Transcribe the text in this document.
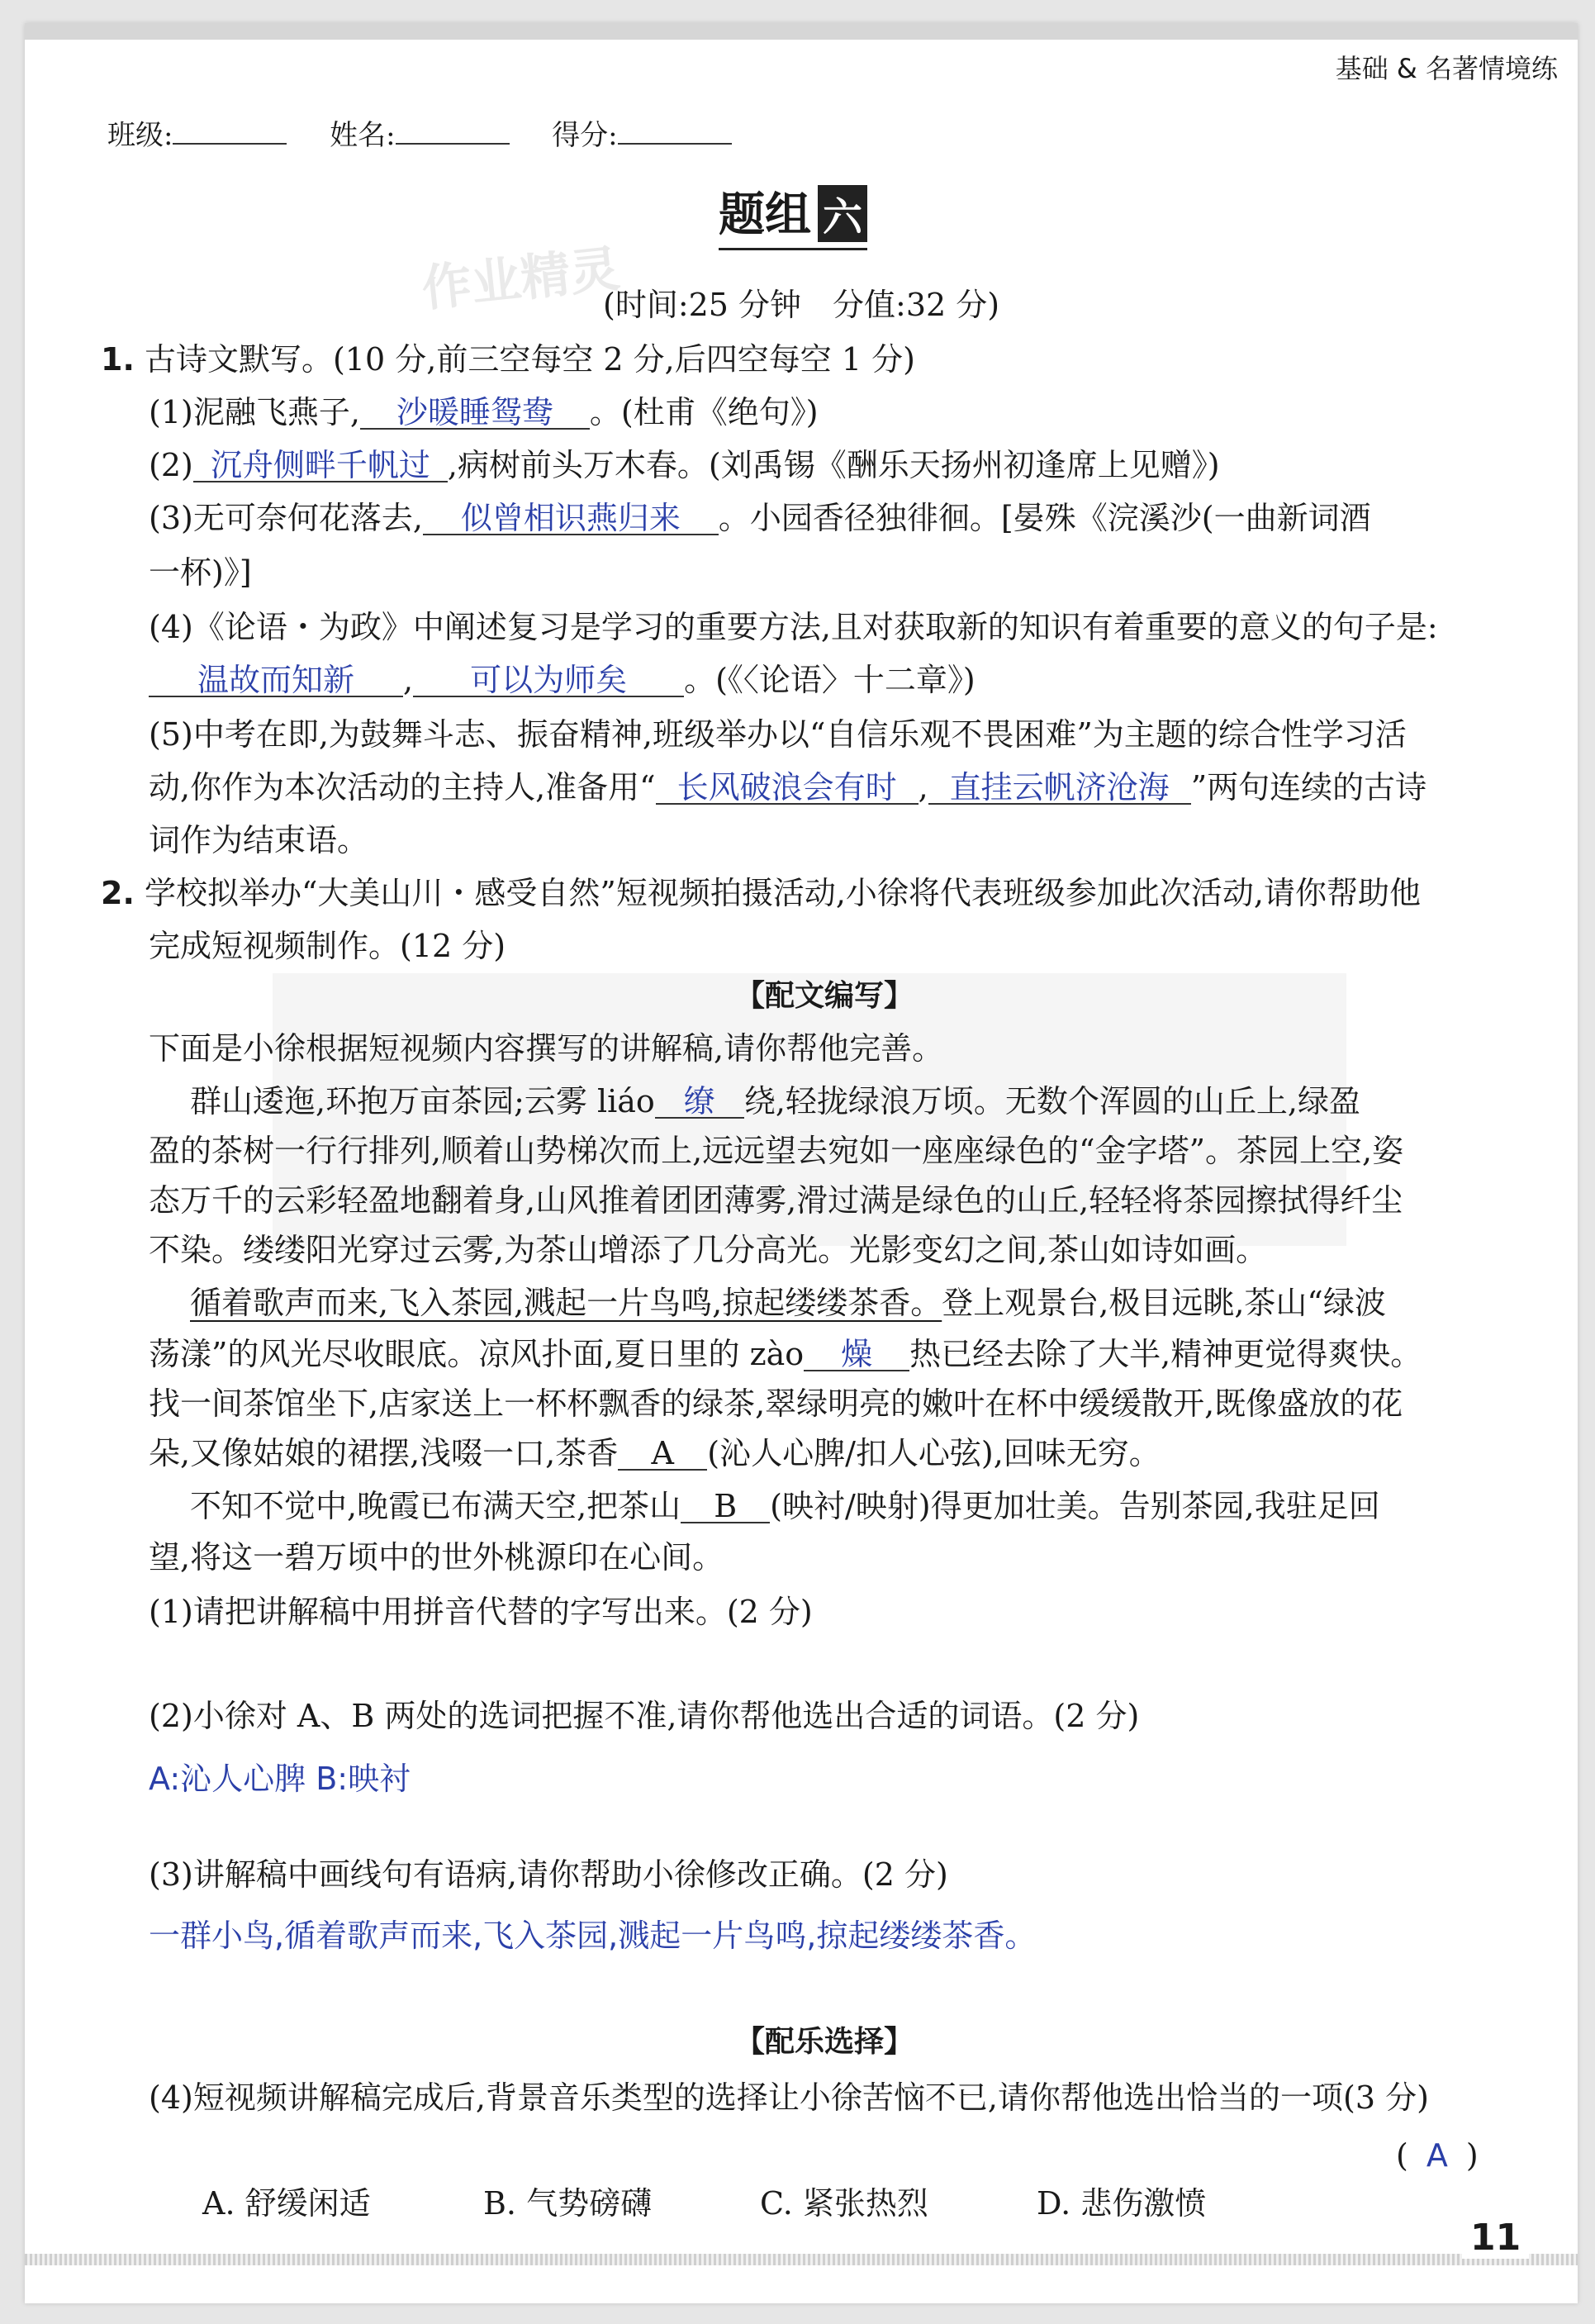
基础 & 名著情境练
班级:	姓名:	得分:
题组 六
作业精灵
(时间:25 分钟　分值:32 分)
1. 古诗文默写。(10 分,前三空每空 2 分,后四空每空 1 分)
(1)泥融飞燕子, 沙暖睡鸳鸯 。(杜甫《绝句》)
(2) 沉舟侧畔千帆过 ,病树前头万木春。(刘禹锡《酬乐天扬州初逢席上见赠》)
(3)无可奈何花落去, 似曾相识燕归来 。小园香径独徘徊。[晏殊《浣溪沙(一曲新词酒
一杯)》]
(4)《论语・为政》中阐述复习是学习的重要方法,且对获取新的知识有着重要的意义的句子是:
温故而知新 , 可以为师矣 。(《〈论语〉十二章》)
(5)中考在即,为鼓舞斗志、振奋精神,班级举办以“自信乐观不畏困难”为主题的综合性学习活
动,你作为本次活动的主持人,准备用“ 长风破浪会有时 , 直挂云帆济沧海 ”两句连续的古诗
词作为结束语。
2. 学校拟举办“大美山川・感受自然”短视频拍摄活动,小徐将代表班级参加此次活动,请你帮助他
完成短视频制作。(12 分)
【配文编写】
下面是小徐根据短视频内容撰写的讲解稿,请你帮他完善。
群山逶迤,环抱万亩茶园;云雾 liáo 缭 绕,轻拢绿浪万顷。无数个浑圆的山丘上,绿盈
盈的茶树一行行排列,顺着山势梯次而上,远远望去宛如一座座绿色的“金字塔”。茶园上空,姿
态万千的云彩轻盈地翻着身,山风推着团团薄雾,滑过满是绿色的山丘,轻轻将茶园擦拭得纤尘
不染。缕缕阳光穿过云雾,为茶山增添了几分高光。光影变幻之间,茶山如诗如画。
循着歌声而来,飞入茶园,溅起一片鸟鸣,掠起缕缕茶香。登上观景台,极目远眺,茶山“绿波
荡漾”的风光尽收眼底。凉风扑面,夏日里的 zào 燥 热已经去除了大半,精神更觉得爽快。
找一间茶馆坐下,店家送上一杯杯飘香的绿茶,翠绿明亮的嫩叶在杯中缓缓散开,既像盛放的花
朵,又像姑娘的裙摆,浅啜一口,茶香 A (沁人心脾/扣人心弦),回味无穷。
不知不觉中,晚霞已布满天空,把茶山 B (映衬/映射)得更加壮美。告别茶园,我驻足回
望,将这一碧万顷中的世外桃源印在心间。
(1)请把讲解稿中用拼音代替的字写出来。(2 分)
(2)小徐对 A、B 两处的选词把握不准,请你帮他选出合适的词语。(2 分)
A:沁人心脾 B:映衬
(3)讲解稿中画线句有语病,请你帮助小徐修改正确。(2 分)
一群小鸟,循着歌声而来,飞入茶园,溅起一片鸟鸣,掠起缕缕茶香。
【配乐选择】
(4)短视频讲解稿完成后,背景音乐类型的选择让小徐苦恼不已,请你帮他选出恰当的一项(3 分)
( A )
A. 舒缓闲适	B. 气势磅礴	C. 紧张热烈	D. 悲伤激愤
11
